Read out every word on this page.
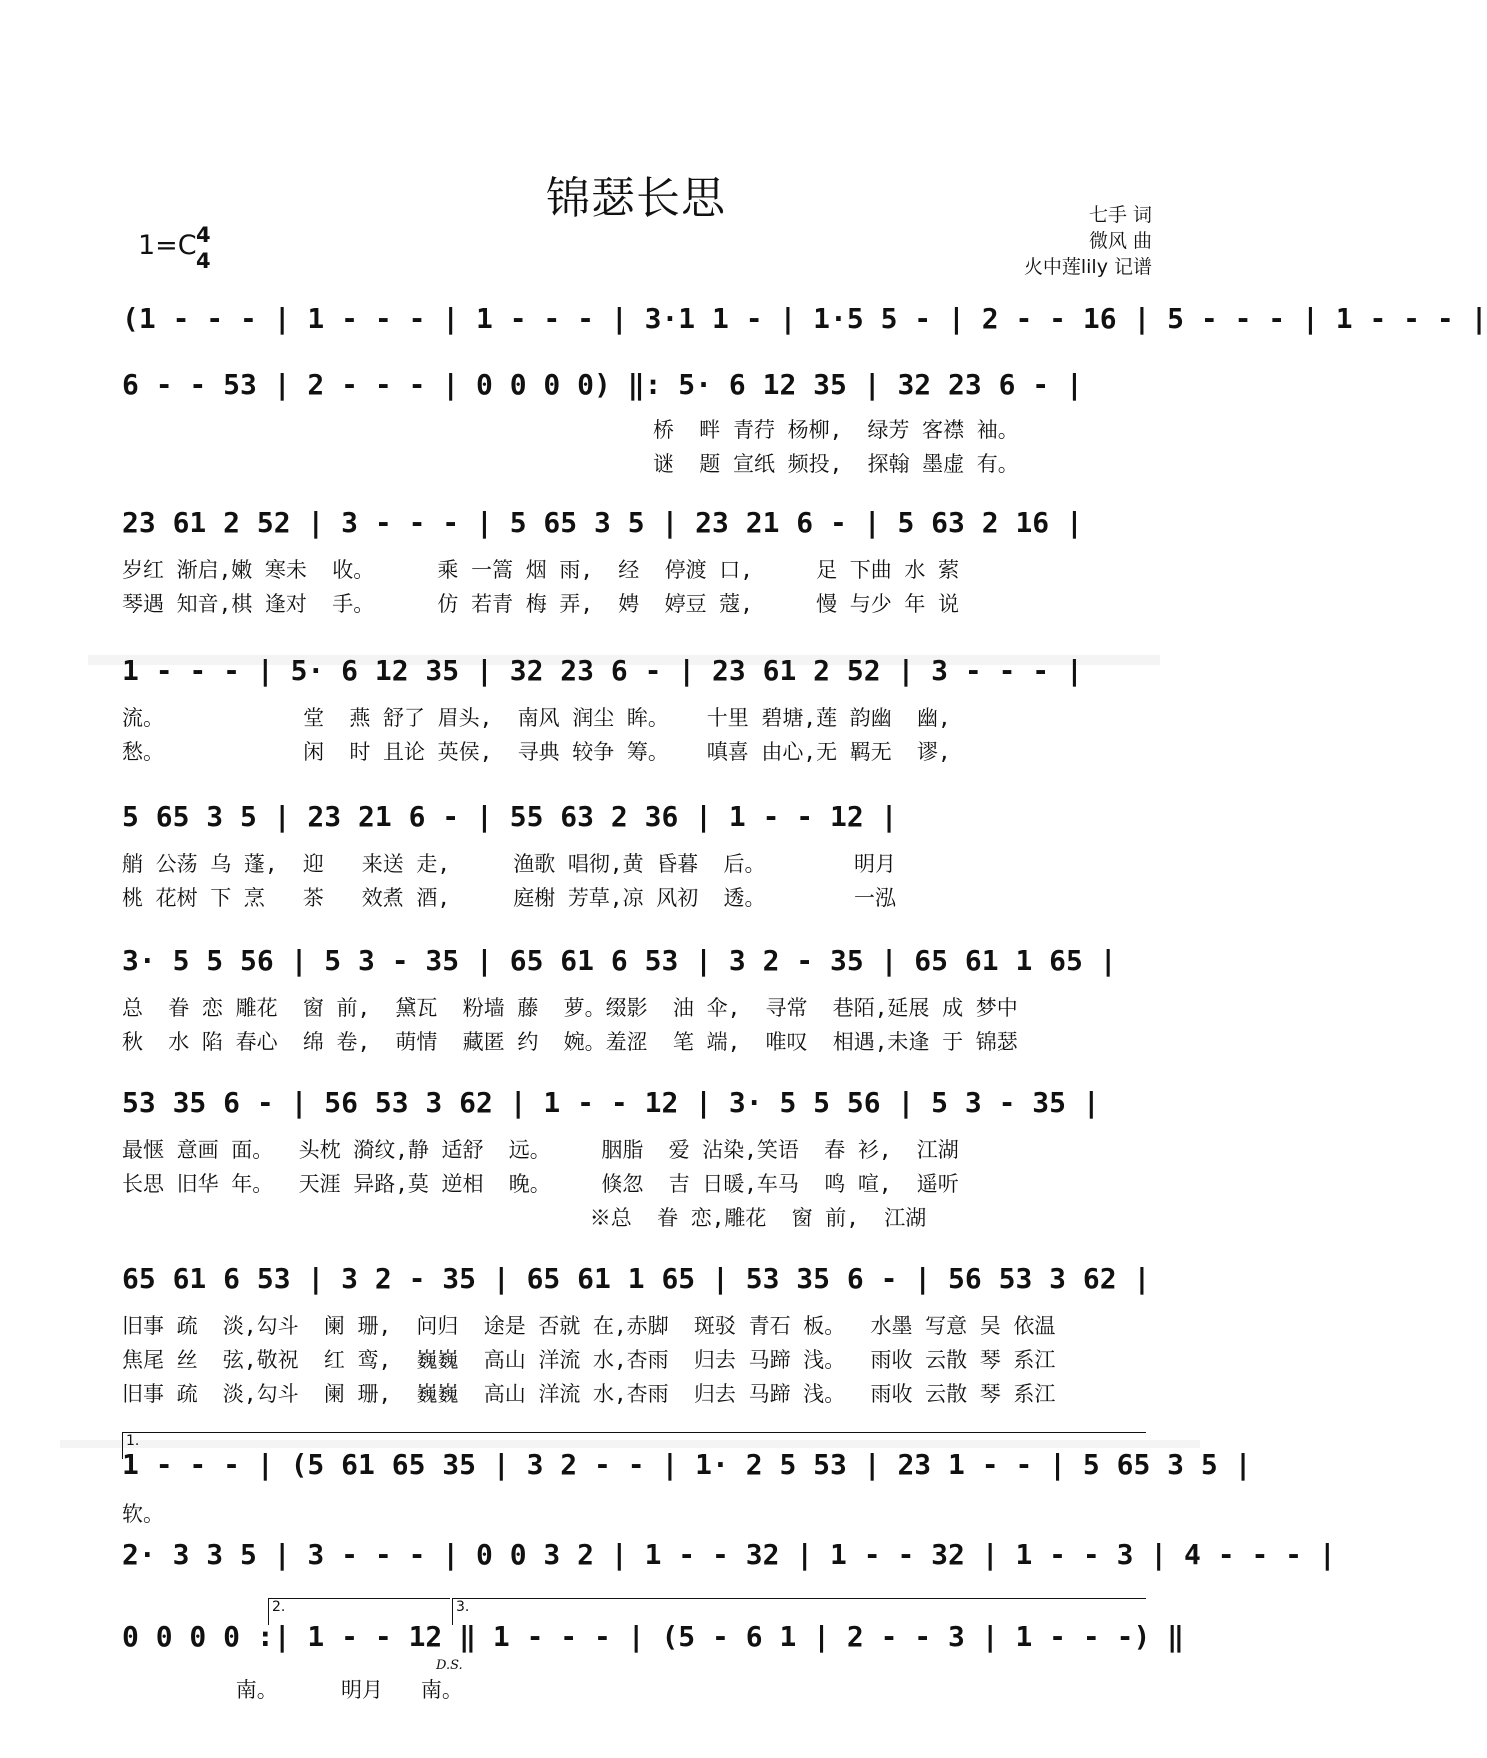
锦瑟长思	七手 词
微风 曲
火中莲lily 记谱
1=C 4
4
(1 - - - | 1 - - - | 1 - - - | 3·1 1 - | 1·5 5 - | 2 - - 16 | 5 - - - | 1 - - - |
6 - - 53 | 2 - - - | 0 0 0 0) ‖: 5· 6 12 35 | 32 23 6 - |
桥  畔 青荇 杨柳,  绿芳 客襟 袖。
谜  题 宣纸 频投,  探翰 墨虚 有。
23 61 2 52 | 3 - - - | 5 65 3 5 | 23 21 6 - | 5 63 2 16 |
岁红 渐启,嫩 寒未  收。     乘 一篙 烟 雨,  经  停渡 口,     足 下曲 水 萦
琴遇 知音,棋 逢对  手。     仿 若青 梅 弄,  娉  婷豆 蔻,     慢 与少 年 说
1 - - - | 5· 6 12 35 | 32 23 6 - | 23 61 2 52 | 3 - - - |
流。           堂  燕 舒了 眉头,  南风 润尘 眸。   十里 碧塘,莲 韵幽  幽,
愁。           闲  时 且论 英侯,  寻典 较争 筹。   嗔喜 由心,无 羁无  谬,
5 65 3 5 | 23 21 6 - | 55 63 2 36 | 1 - - 12 |
艄 公荡 乌 蓬,  迎   来送 走,     渔歌 唱彻,黄 昏暮  后。       明月
桃 花树 下 烹   茶   效煮 酒,     庭榭 芳草,凉 风初  透。       一泓
3· 5 5 56 | 5 3 - 35 | 65 61 6 53 | 3 2 - 35 | 65 61 1 65 |
总  眷 恋 雕花  窗 前,  黛瓦  粉墙 藤  萝。缀影  油 伞,  寻常  巷陌,延展 成 梦中
秋  水 陷 春心  绵 卷,  萌情  藏匿 约  婉。羞涩  笔 端,  唯叹  相遇,未逢 于 锦瑟
53 35 6 - | 56 53 3 62 | 1 - - 12 | 3· 5 5 56 | 5 3 - 35 |
最惬 意画 面。  头枕 漪纹,静 适舒  远。    胭脂  爱 沾染,笑语  春 衫,  江湖
长思 旧华 年。  天涯 异路,莫 逆相  晚。    倏忽  吉 日暖,车马  鸣 喧,  遥听
※总  眷 恋,雕花  窗 前,  江湖
65 61 6 53 | 3 2 - 35 | 65 61 1 65 | 53 35 6 - | 56 53 3 62 |
旧事 疏  淡,勾斗  阑 珊,  问归  途是 否就 在,赤脚  斑驳 青石 板。  水墨 写意 吴 依温
焦尾 丝  弦,敬祝  红 鸾,  巍巍  高山 洋流 水,杏雨  归去 马蹄 浅。  雨收 云散 琴 系江
旧事 疏  淡,勾斗  阑 珊,  巍巍  高山 洋流 水,杏雨  归去 马蹄 浅。  雨收 云散 琴 系江
1.
1 - - - | (5 61 65 35 | 3 2 - - | 1· 2 5 53 | 23 1 - - | 5 65 3 5 |
软。
2· 3 3 5 | 3 - - - | 0 0 3 2 | 1 - - 32 | 1 - - 32 | 1 - - 3 | 4 - - - |
2.	3.
0 0 0 0 :| 1 - - 12 ‖ 1 - - - | (5 - 6 1 | 2 - - 3 | 1 - - -) ‖
D.S.
南。     明月   南。
